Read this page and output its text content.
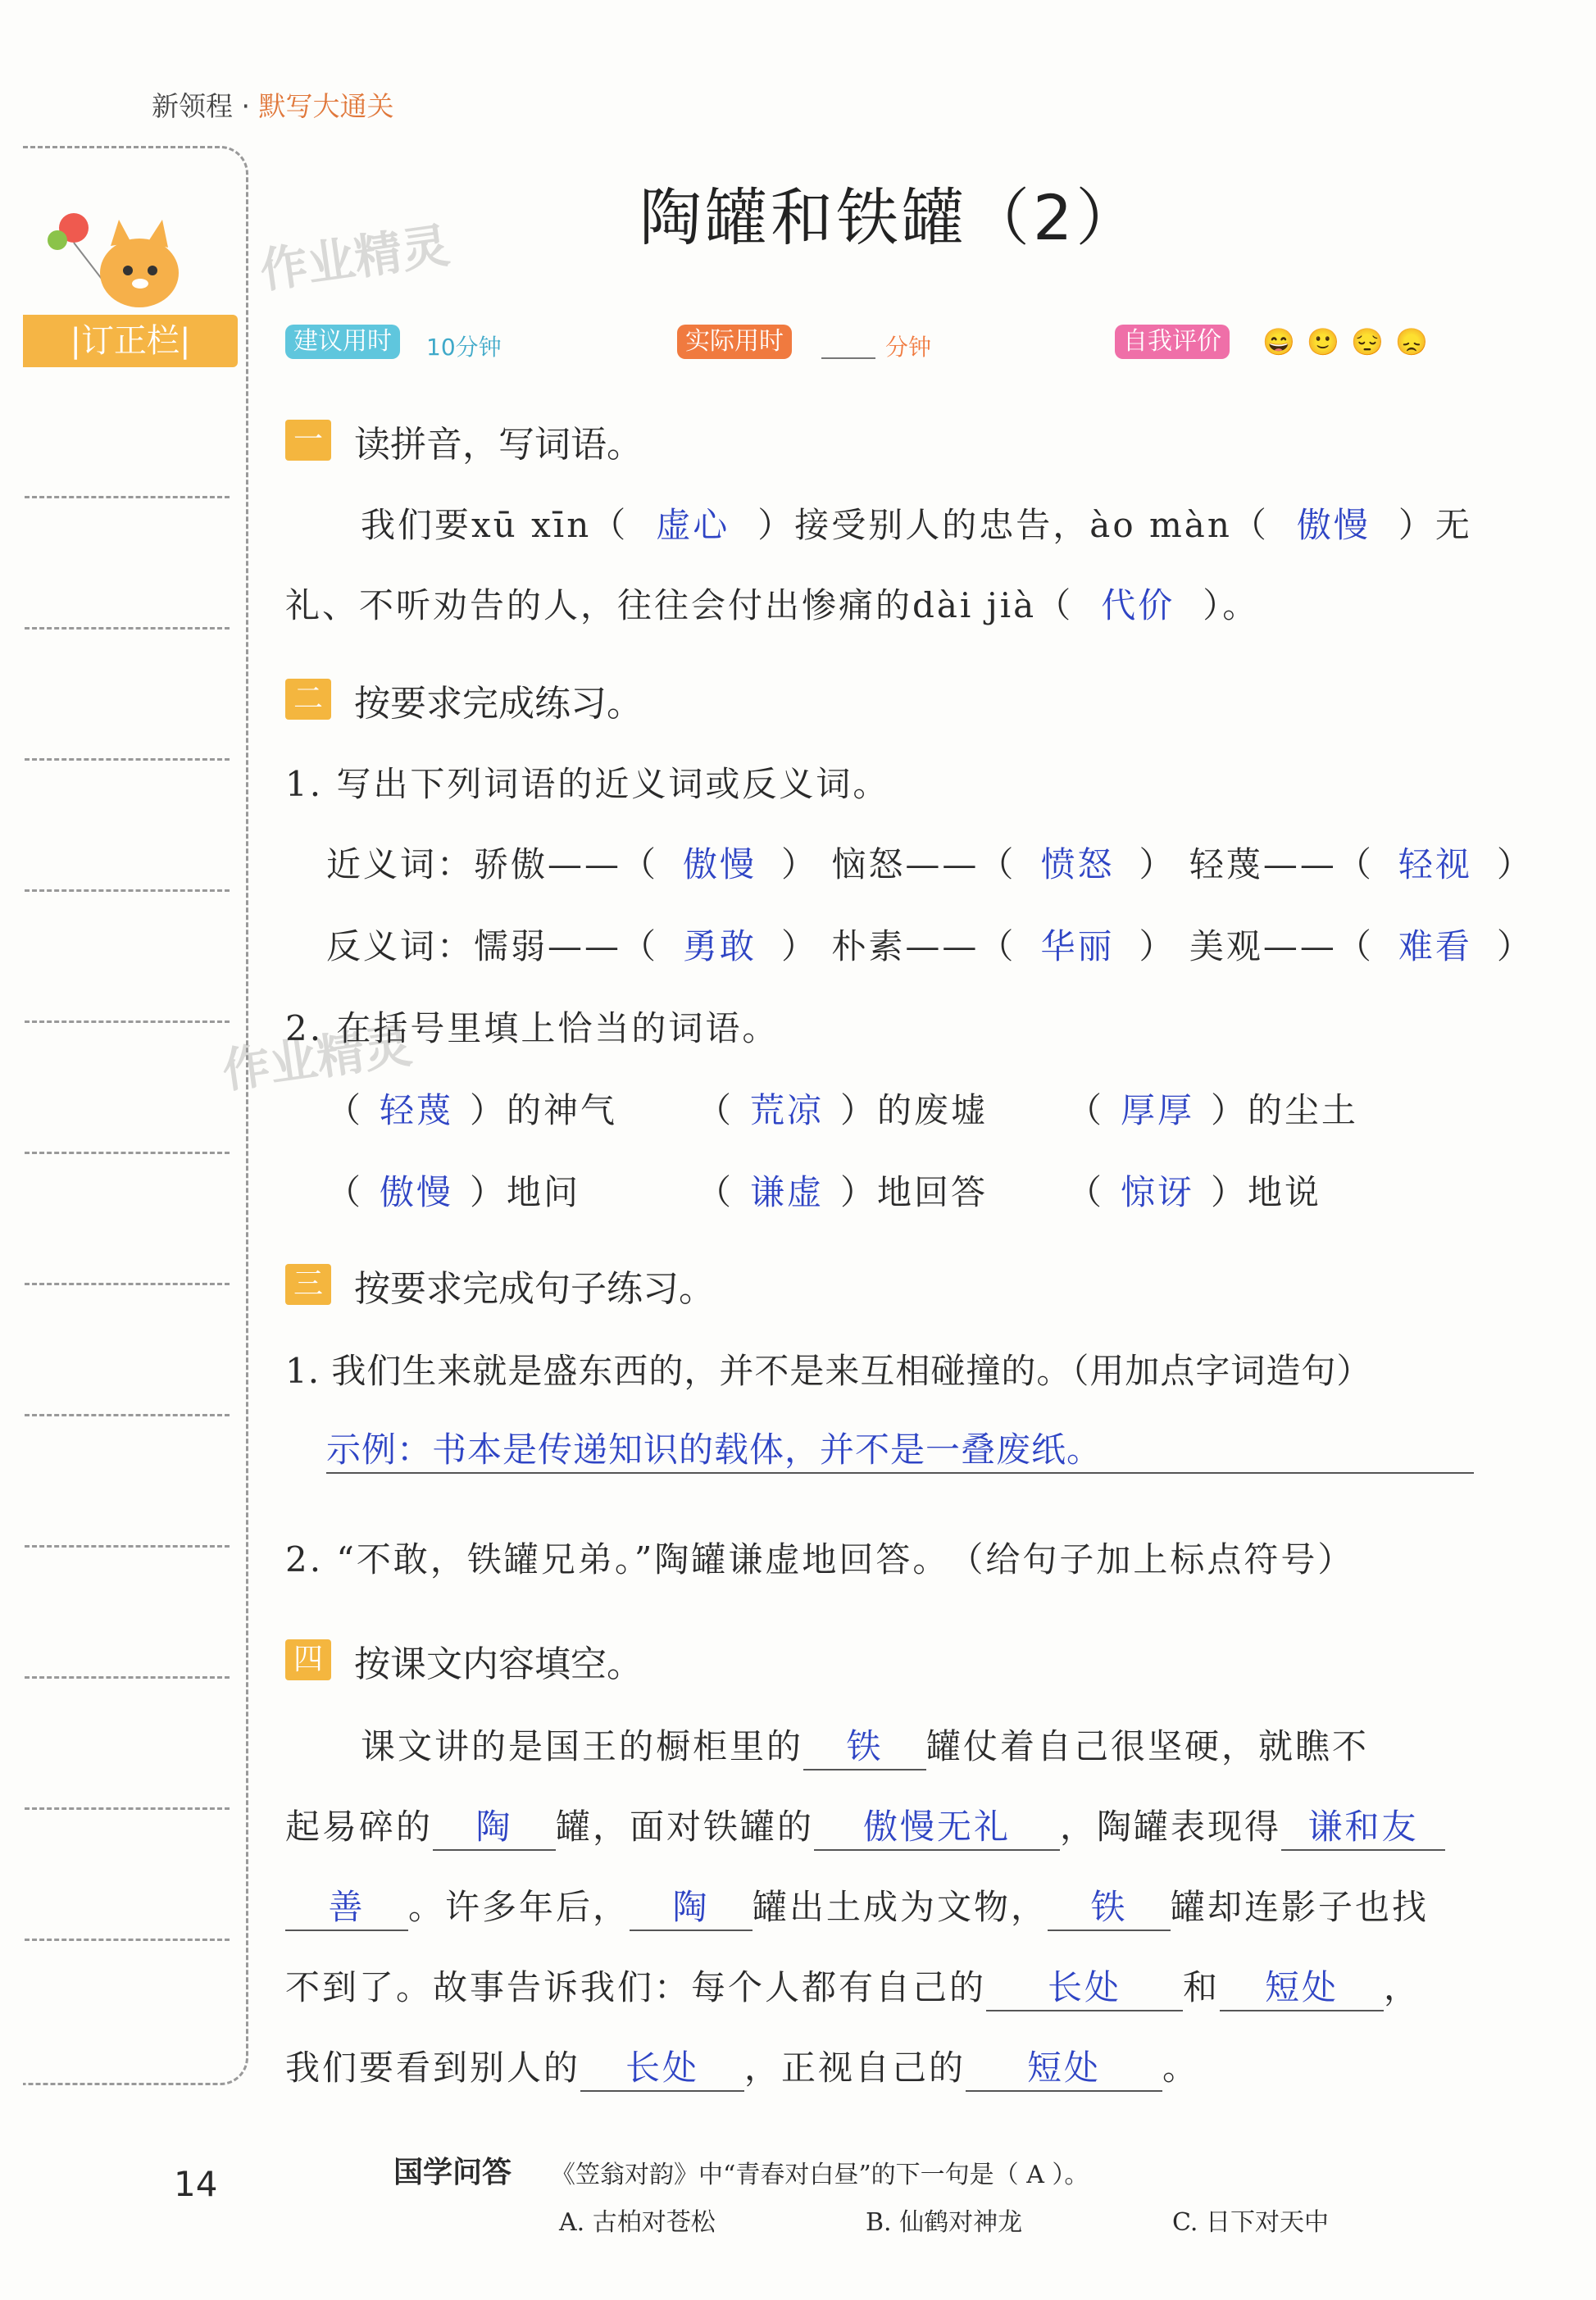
新领程 · 默写大通关
|订正栏|
作业精灵
作业精灵
陶罐和铁罐（2）
建议用时	10分钟	实际用时	分钟	自我评价	😄 🙂 😔 😞
一 读拼音，写词语。
我们要xū xīn（ 虚心 ）接受别人的忠告，ào màn（ 傲慢 ）无
礼、不听劝告的人，往往会付出惨痛的dài jià（ 代价 ）。
二 按要求完成练习。
1. 写出下列词语的近义词或反义词。
近义词：骄傲——（ 傲慢 ） 恼怒——（ 愤怒 ） 轻蔑——（ 轻视 ）
反义词：懦弱——（ 勇敢 ） 朴素——（ 华丽 ） 美观——（ 难看 ）
2. 在括号里填上恰当的词语。
（ 轻蔑 ）的神气 （ 荒凉 ）的废墟 （ 厚厚 ）的尘土
（ 傲慢 ）地问	（ 谦虚 ）地回答 （ 惊讶 ）地说
三 按要求完成句子练习。
1. 我们生来就是盛东西的，并不是来互相碰撞的。（用加点字词造句）
示例：书本是传递知识的载体，并不是一叠废纸。
2. “不敢，铁罐兄弟。”陶罐谦虚地回答。 （给句子加上标点符号）
四 按课文内容填空。
课文讲的是国王的橱柜里的 铁 罐仗着自己很坚硬，就瞧不
起易碎的 陶 罐，面对铁罐的 傲慢无礼 ，陶罐表现得 谦和友
善 。许多年后， 陶 罐出土成为文物， 铁 罐却连影子也找
不到了。故事告诉我们：每个人都有自己的 长处 和 短处 ，
我们要看到别人的 长处 ，正视自己的 短处 。
14	国学问答 《笠翁对韵》中“青春对白昼”的下一句是（ A ）。
A. 古柏对苍松	B. 仙鹤对神龙	C. 日下对天中
